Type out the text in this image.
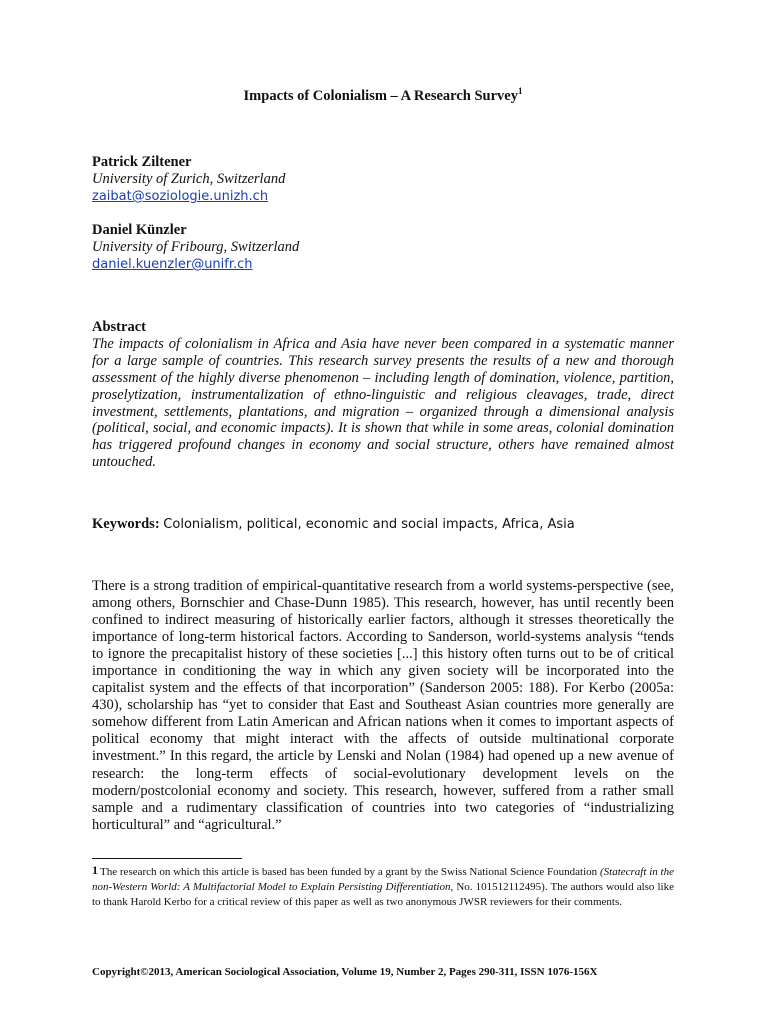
Impacts of Colonialism – A Research Survey$^1$
Patrick Ziltener
University of Zurich, Switzerland
zaibat@soziologie.unizh.ch
Daniel Künzler
University of Fribourg, Switzerland
daniel.kuenzler@unifr.ch
Abstract
The impacts of colonialism in Africa and Asia have never been compared in a systematic manner for a large sample of countries. This research survey presents the results of a new and thorough assessment of the highly diverse phenomenon – including length of domination, violence, partition, proselytization, instrumentalization of ethno-linguistic and religious cleavages, trade, direct investment, settlements, plantations, and migration – organized through a dimensional analysis (political, social, and economic impacts). It is shown that while in some areas, colonial domination has triggered profound changes in economy and social structure, others have remained almost untouched.
Keywords: Colonialism, political, economic and social impacts, Africa, Asia
There is a strong tradition of empirical-quantitative research from a world systems-perspective (see, among others, Bornschier and Chase-Dunn 1985). This research, however, has until recently been confined to indirect measuring of historically earlier factors, although it stresses theoretically the importance of long-term historical factors. According to Sanderson, world-systems analysis “tends to ignore the precapitalist history of these societies [...] this history often turns out to be of critical importance in conditioning the way in which any given society will be incorporated into the capitalist system and the effects of that incorporation” (Sanderson 2005: 188). For Kerbo (2005a: 430), scholarship has “yet to consider that East and Southeast Asian countries more generally are somehow different from Latin American and African nations when it comes to important aspects of political economy that might interact with the affects of outside multinational corporate investment.” In this regard, the article by Lenski and Nolan (1984) had opened up a new avenue of research: the long-term effects of social-evolutionary development levels on the modern/postcolonial economy and society. This research, however, suffered from a rather small sample and a rudimentary classification of countries into two categories of “industrializing horticultural” and “agricultural.”
1 The research on which this article is based has been funded by a grant by the Swiss National Science Foundation (Statecraft in the non-Western World: A Multifactorial Model to Explain Persisting Differentiation, No. 101512112495). The authors would also like to thank Harold Kerbo for a critical review of this paper as well as two anonymous JWSR reviewers for their comments.
Copyright©2013, American Sociological Association, Volume 19, Number 2, Pages 290-311, ISSN 1076-156X
